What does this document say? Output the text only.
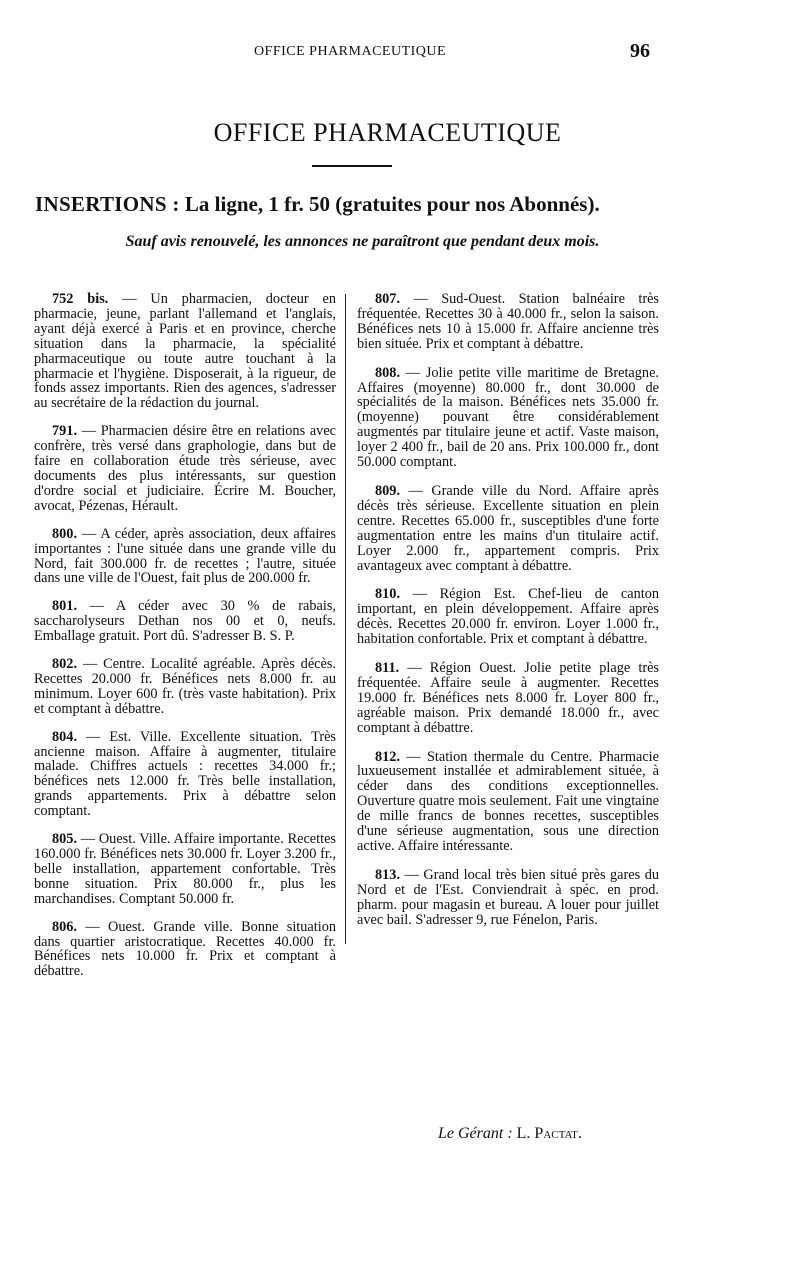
OFFICE PHARMACEUTIQUE	96
OFFICE PHARMACEUTIQUE
INSERTIONS : La ligne, 1 fr. 50 (gratuites pour nos Abonnés).
Sauf avis renouvelé, les annonces ne paraîtront que pendant deux mois.

752 bis. — Un pharmacien, docteur en pharmacie, jeune, parlant l'allemand et l'anglais, ayant déjà exercé à Paris et en province, cherche situation dans la pharmacie, la spécialité pharmaceutique ou toute autre touchant à la pharmacie et l'hygiène. Disposerait, à la rigueur, de fonds assez importants. Rien des agences, s'adresser au secrétaire de la rédaction du journal.

791. — Pharmacien désire être en relations avec confrère, très versé dans graphologie, dans but de faire en collaboration étude très sérieuse, avec documents des plus intéressants, sur question d'ordre social et judiciaire. Écrire M. Boucher, avocat, Pézenas, Hérault.

800. — A céder, après association, deux affaires importantes : l'une située dans une grande ville du Nord, fait 300.000 fr. de recettes ; l'autre, située dans une ville de l'Ouest, fait plus de 200.000 fr.

801. — A céder avec 30 % de rabais, saccharolyseurs Dethan nos 00 et 0, neufs. Emballage gratuit. Port dû. S'adresser B. S. P.

802. — Centre. Localité agréable. Après décès. Recettes 20.000 fr. Bénéfices nets 8.000 fr. au minimum. Loyer 600 fr. (très vaste habitation). Prix et comptant à débattre.

804. — Est. Ville. Excellente situation. Très ancienne maison. Affaire à augmenter, titulaire malade. Chiffres actuels : recettes 34.000 fr.; bénéfices nets 12.000 fr. Très belle installation, grands appartements. Prix à débattre selon comptant.

805. — Ouest. Ville. Affaire importante. Recettes 160.000 fr. Bénéfices nets 30.000 fr. Loyer 3.200 fr., belle installation, appartement confortable. Très bonne situation. Prix 80.000 fr., plus les marchandises. Comptant 50.000 fr.

806. — Ouest. Grande ville. Bonne situation dans quartier aristocratique. Recettes 40.000 fr. Bénéfices nets 10.000 fr. Prix et comptant à débattre.

807. — Sud-Ouest. Station balnéaire très fréquentée. Recettes 30 à 40.000 fr., selon la saison. Bénéfices nets 10 à 15.000 fr. Affaire ancienne très bien située. Prix et comptant à débattre.

808. — Jolie petite ville maritime de Bretagne. Affaires (moyenne) 80.000 fr., dont 30.000 de spécialités de la maison. Bénéfices nets 35.000 fr. (moyenne) pouvant être considérablement augmentés par titulaire jeune et actif. Vaste maison, loyer 2 400 fr., bail de 20 ans. Prix 100.000 fr., dont 50.000 comptant.

809. — Grande ville du Nord. Affaire après décès très sérieuse. Excellente situation en plein centre. Recettes 65.000 fr., susceptibles d'une forte augmentation entre les mains d'un titulaire actif. Loyer 2.000 fr., appartement compris. Prix avantageux avec comptant à débattre.

810. — Région Est. Chef-lieu de canton important, en plein développement. Affaire après décès. Recettes 20.000 fr. environ. Loyer 1.000 fr., habitation confortable. Prix et comptant à débattre.

811. — Région Ouest. Jolie petite plage très fréquentée. Affaire seule à augmenter. Recettes 19.000 fr. Bénéfices nets 8.000 fr. Loyer 800 fr., agréable maison. Prix demandé 18.000 fr., avec comptant à débattre.

812. — Station thermale du Centre. Pharmacie luxueusement installée et admirablement située, à céder dans des conditions exceptionnelles. Ouverture quatre mois seulement. Fait une vingtaine de mille francs de bonnes recettes, susceptibles d'une sérieuse augmentation, sous une direction active. Affaire intéressante.

813. — Grand local très bien situé près gares du Nord et de l'Est. Conviendrait à spéc. en prod. pharm. pour magasin et bureau. A louer pour juillet avec bail. S'adresser 9, rue Fénelon, Paris.

Le Gérant : L. Pactat.
